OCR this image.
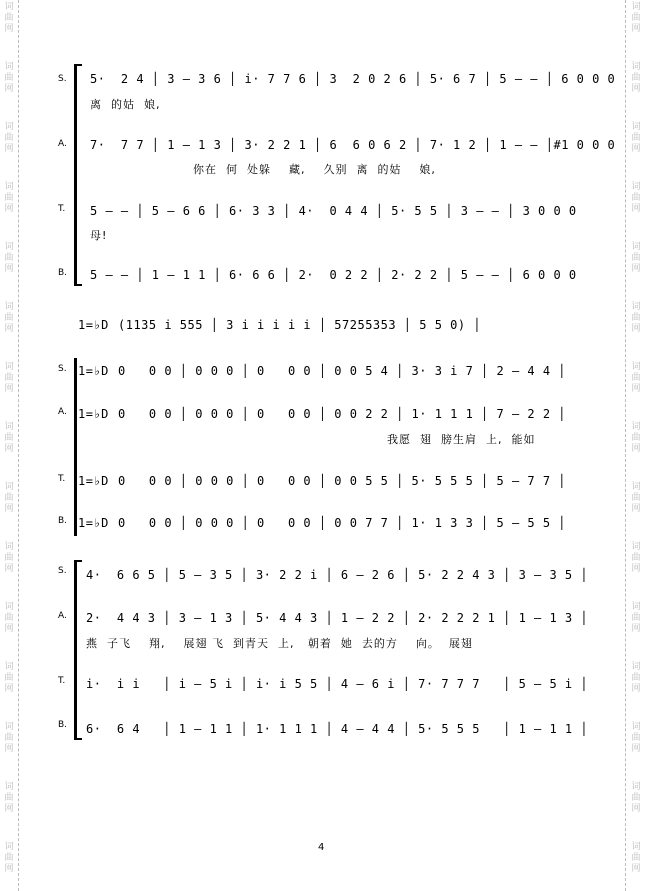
词
曲
网
词
曲
网
词
曲
网
词
曲
网
词
曲
网
词
曲
网
词
曲
网
词
曲
网
词
曲
网
词
曲
网
词
曲
网
词
曲
网
词
曲
网
词
曲
网
词
曲
网
词
曲
网
词
曲
网
词
曲
网
词
曲
网
词
曲
网
词
曲
网
词
曲
网
词
曲
网
词
曲
网
词
曲
网
词
曲
网
词
曲
网
词
曲
网
词
曲
网
词
曲
网
S. 5·  2 4 │ 3 — 3 6 │ i· 7 7 6 │ 3  2 0 2 6 │ 5· 6 7 │ 5 — — │ 6 0 0 0
离  的姑  娘,
A. 7·  7 7 │ 1 — 1 3 │ 3· 2 2 1 │ 6  6 0 6 2 │ 7· 1 2 │ 1 — — │#1 0 0 0
你在  何  处躲    藏,    久别  离  的姑    娘,
T. 5 — — │ 5 — 6 6 │ 6· 3 3 │ 4·  0 4 4 │ 5· 5 5 │ 3 — — │ 3 0 0 0
母!
B. 5 — — │ 1 — 1 1 │ 6· 6 6 │ 2·  0 2 2 │ 2· 2 2 │ 5 — — │ 6 0 0 0
1=♭D (1135 i 555 │ 3 i i i i i │ 57255353 │ 5 5 0) │
S. 1=♭D 0   0 0 │ 0 0 0 │ 0   0 0 │ 0 0 5 4 │ 3· 3 i 7 │ 2 — 4 4 │
A. 1=♭D 0   0 0 │ 0 0 0 │ 0   0 0 │ 0 0 2 2 │ 1· 1 1 1 │ 7 — 2 2 │
我愿  翅  膀生肩  上,  能如
T. 1=♭D 0   0 0 │ 0 0 0 │ 0   0 0 │ 0 0 5 5 │ 5· 5 5 5 │ 5 — 7 7 │
B. 1=♭D 0   0 0 │ 0 0 0 │ 0   0 0 │ 0 0 7 7 │ 1· 1 3 3 │ 5 — 5 5 │
S. 4·  6 6 5 │ 5 — 3 5 │ 3· 2 2 i │ 6 — 2 6 │ 5· 2 2 4 3 │ 3 — 3 5 │
A. 2·  4 4 3 │ 3 — 1 3 │ 5· 4 4 3 │ 1 — 2 2 │ 2· 2 2 2 1 │ 1 — 1 3 │
燕  子飞    翔,    展翅 飞  到青天  上,   朝着  她  去的方    向。  展翅
T. i·  i i   │ i — 5 i │ i· i 5 5 │ 4 — 6 i │ 7· 7 7 7   │ 5 — 5 i │
B. 6·  6 4   │ 1 — 1 1 │ 1· 1 1 1 │ 4 — 4 4 │ 5· 5 5 5   │ 1 — 1 1 │
4
